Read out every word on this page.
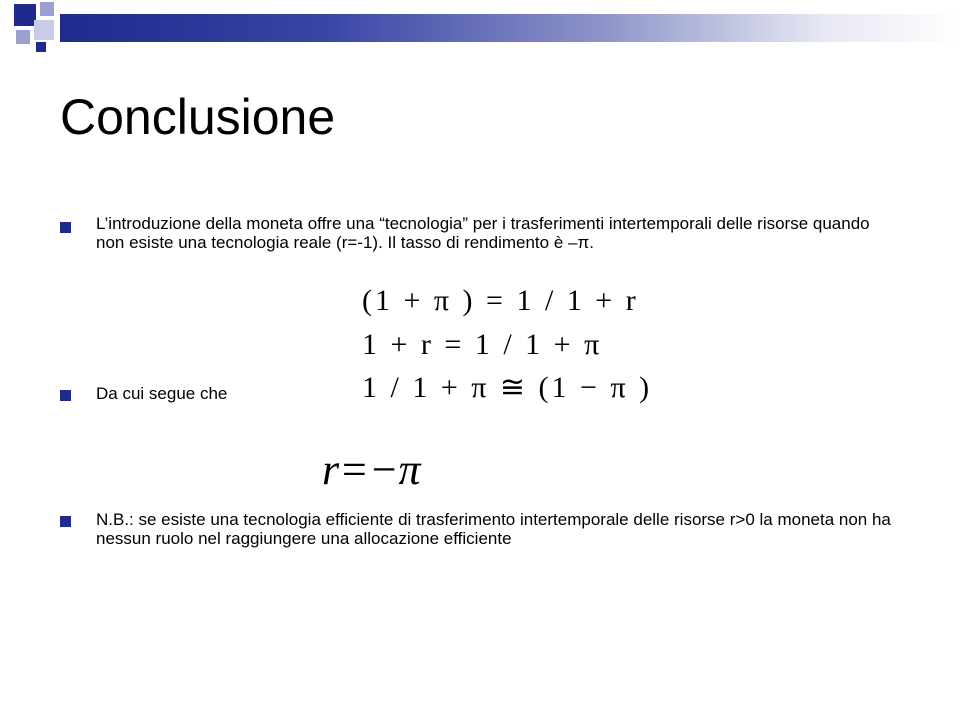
Conclusione
L’introduzione della moneta offre una “tecnologia” per i trasferimenti intertemporali delle risorse quando non esiste una tecnologia reale (r=-1). Il tasso di rendimento è –π.
(1 + π ) = 1 / 1 + r
1 + r = 1 / 1 + π
1 / 1 + π ≅ (1 − π )
Da cui segue che
r=−π
N.B.: se esiste una tecnologia efficiente di trasferimento intertemporale delle risorse r>0 la moneta non ha nessun ruolo nel raggiungere una allocazione efficiente
